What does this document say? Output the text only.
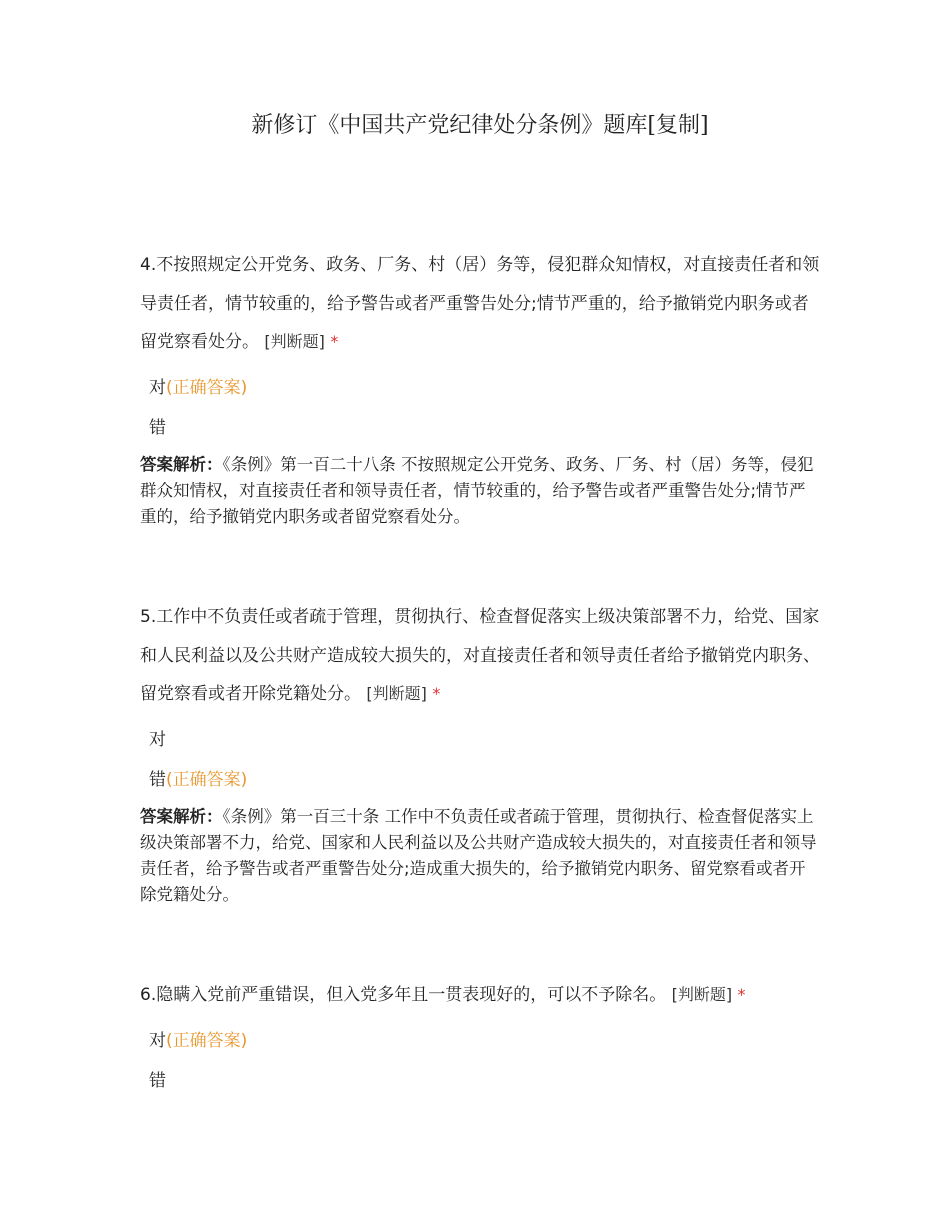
新修订《中国共产党纪律处分条例》题库[复制]

4.不按照规定公开党务、政务、厂务、村（居）务等，侵犯群众知情权，对直接责任者和领导责任者，情节较重的，给予警告或者严重警告处分;情节严重的，给予撤销党内职务或者留党察看处分。 [判断题] *

对(正确答案)
错

答案解析：《条例》第一百二十八条 不按照规定公开党务、政务、厂务、村（居）务等，侵犯群众知情权，对直接责任者和领导责任者，情节较重的，给予警告或者严重警告处分;情节严重的，给予撤销党内职务或者留党察看处分。

5.工作中不负责任或者疏于管理，贯彻执行、检查督促落实上级决策部署不力，给党、国家和人民利益以及公共财产造成较大损失的，对直接责任者和领导责任者给予撤销党内职务、留党察看或者开除党籍处分。 [判断题] *

对
错(正确答案)

答案解析：《条例》第一百三十条 工作中不负责任或者疏于管理，贯彻执行、检查督促落实上级决策部署不力，给党、国家和人民利益以及公共财产造成较大损失的，对直接责任者和领导责任者，给予警告或者严重警告处分;造成重大损失的，给予撤销党内职务、留党察看或者开除党籍处分。

6.隐瞒入党前严重错误，但入党多年且一贯表现好的，可以不予除名。 [判断题] *

对(正确答案)
错
